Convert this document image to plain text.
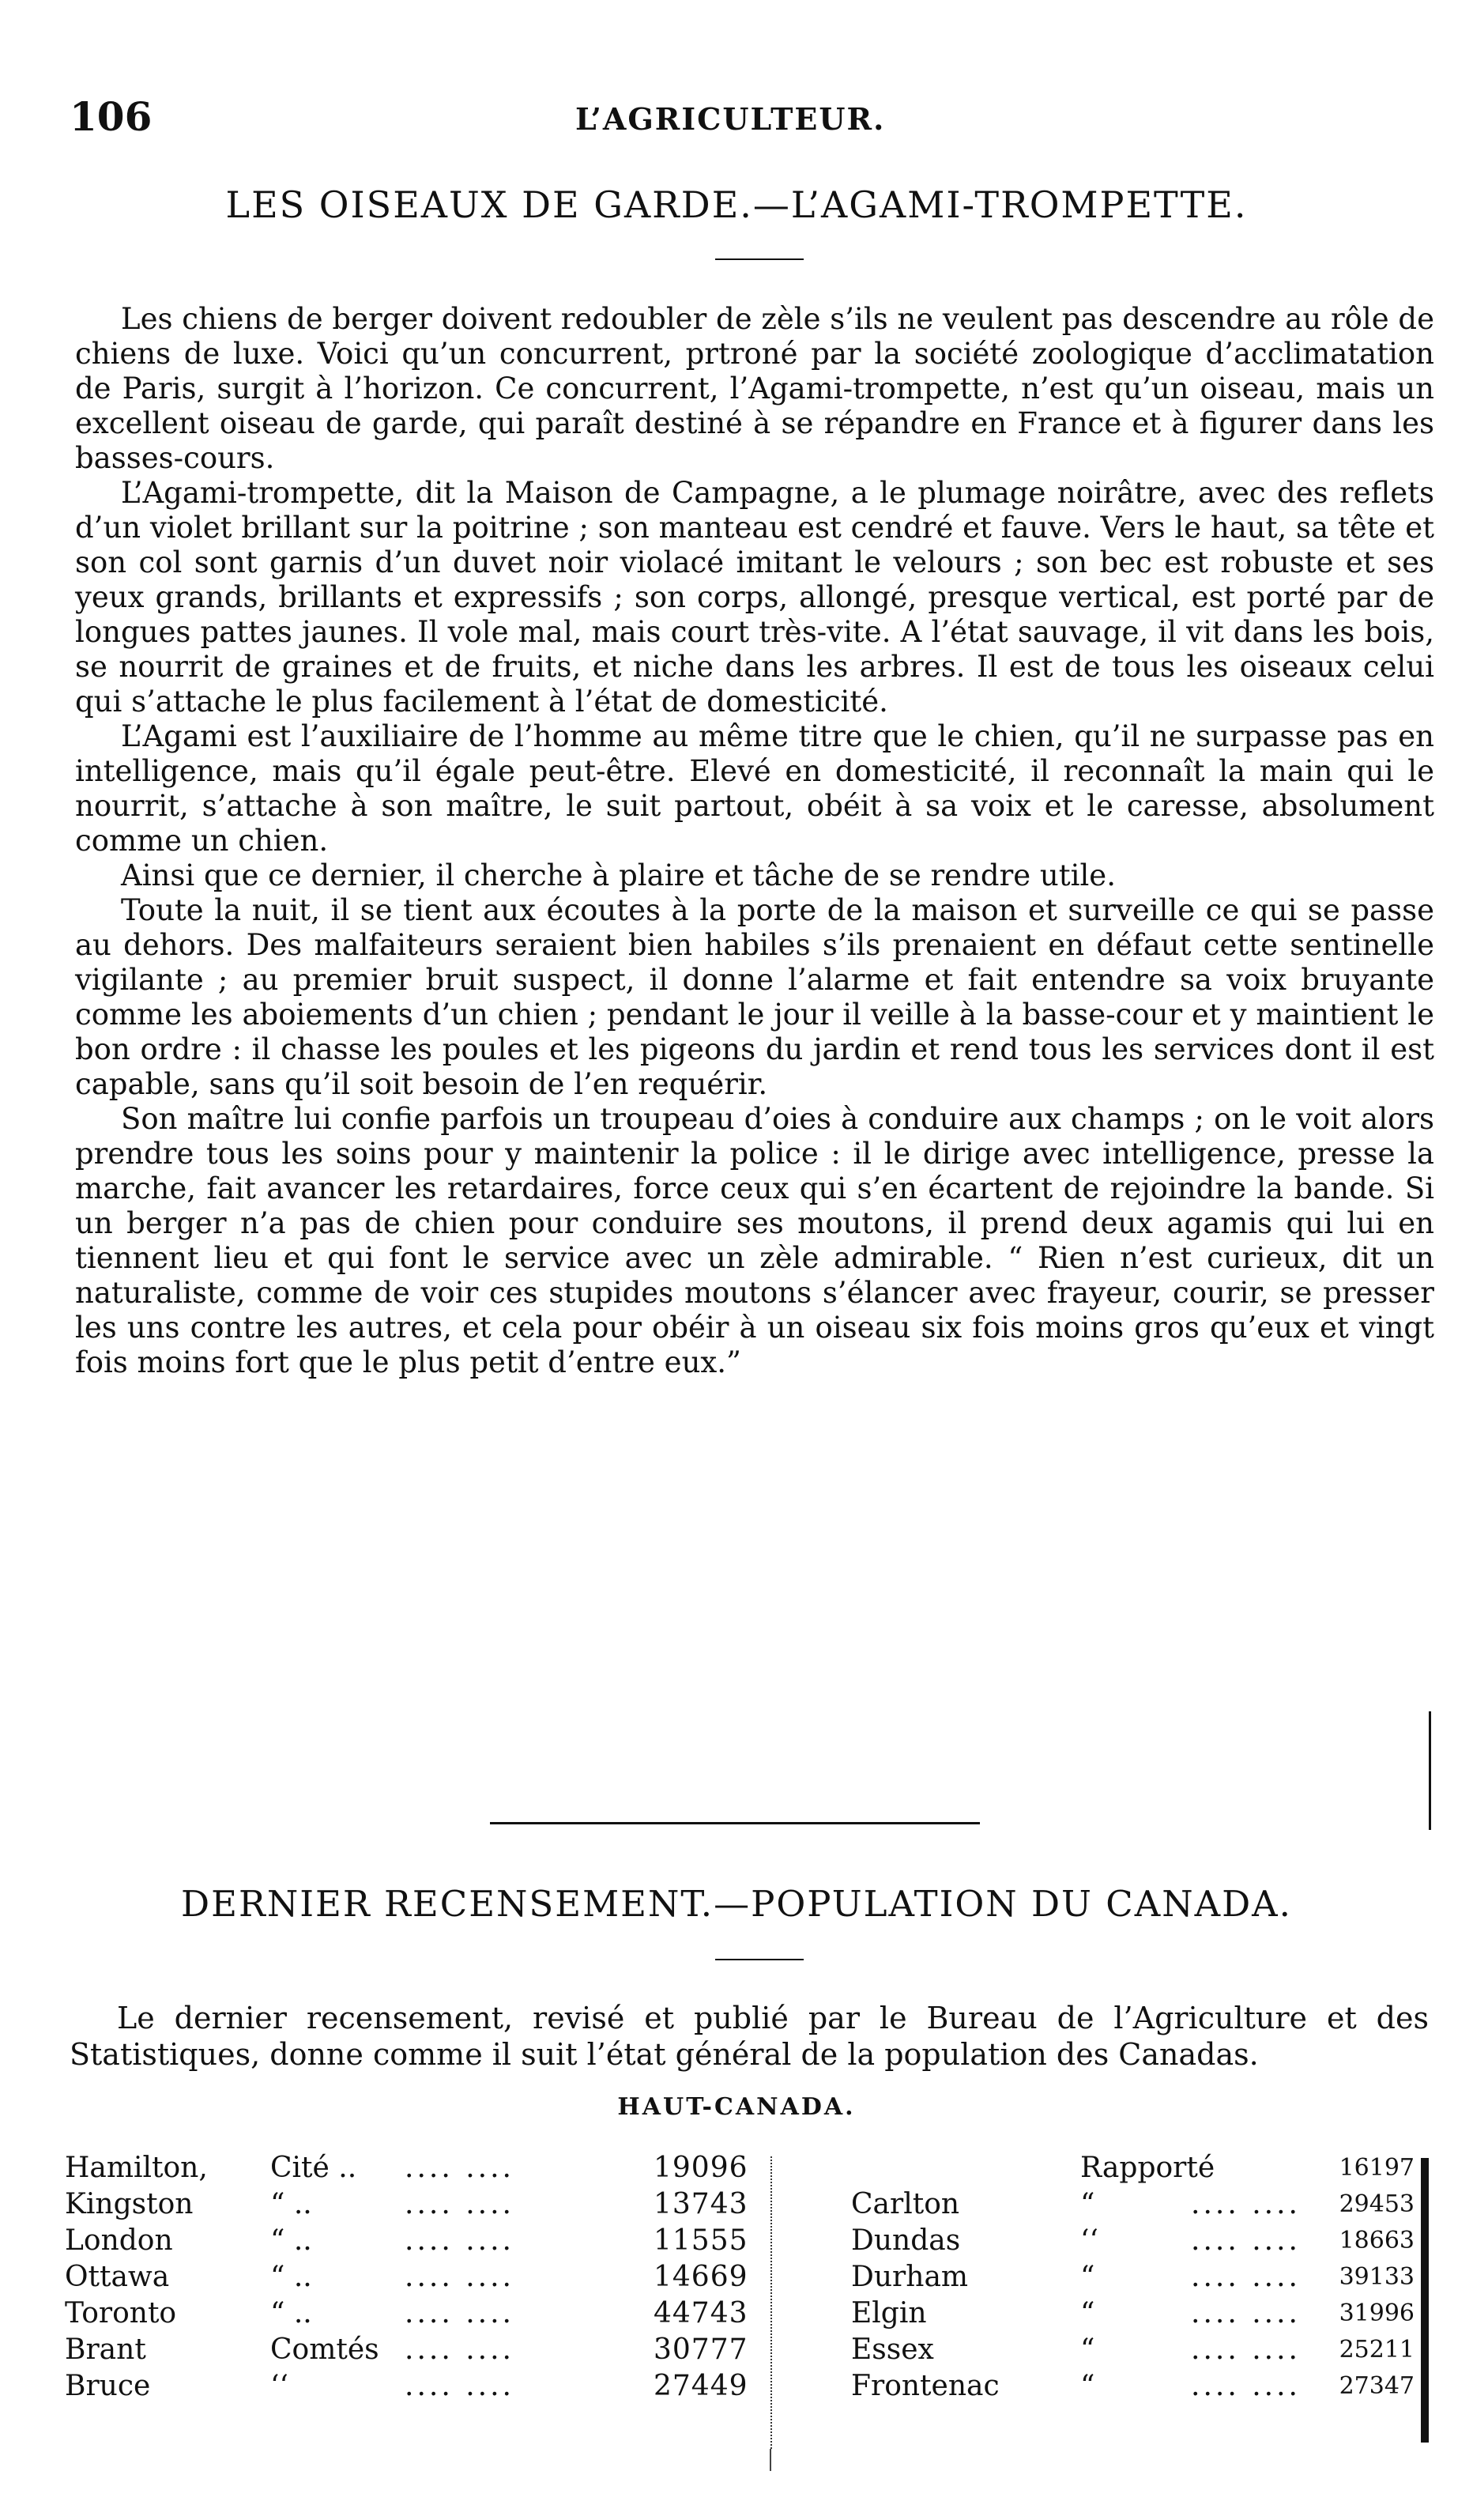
106	L’AGRICULTEUR.
LES OISEAUX DE GARDE.—L’AGAMI-TROMPETTE.

Les chiens de berger doivent redoubler de zèle s’ils ne veulent pas descendre au rôle de chiens de luxe. Voici qu’un concurrent, prtroné par la société zoologique d’acclimatation de Paris, surgit à l’horizon. Ce concurrent, l’Agami-trompette, n’est qu’un oiseau, mais un excellent oiseau de garde, qui paraît destiné à se répandre en France et à figurer dans les basses-cours.

L’Agami-trompette, dit la Maison de Campagne, a le plumage noirâtre, avec des reflets d’un violet brillant sur la poitrine ; son manteau est cendré et fauve. Vers le haut, sa tête et son col sont garnis d’un duvet noir violacé imitant le velours ; son bec est robuste et ses yeux grands, brillants et expressifs ; son corps, allongé, presque vertical, est porté par de longues pattes jaunes. Il vole mal, mais court très-vite. A l’état sauvage, il vit dans les bois, se nourrit de graines et de fruits, et niche dans les arbres. Il est de tous les oiseaux celui qui s’attache le plus facilement à l’état de domesticité.

L’Agami est l’auxiliaire de l’homme au même titre que le chien, qu’il ne surpasse pas en intelligence, mais qu’il égale peut-être. Elevé en domesticité, il reconnaît la main qui le nourrit, s’attache à son maître, le suit partout, obéit à sa voix et le caresse, absolument comme un chien.

Ainsi que ce dernier, il cherche à plaire et tâche de se rendre utile.

Toute la nuit, il se tient aux écoutes à la porte de la maison et surveille ce qui se passe au dehors. Des malfaiteurs seraient bien habiles s’ils prenaient en défaut cette sentinelle vigilante ; au premier bruit suspect, il donne l’alarme et fait entendre sa voix bruyante comme les aboiements d’un chien ; pendant le jour il veille à la basse-cour et y maintient le bon ordre : il chasse les poules et les pigeons du jardin et rend tous les services dont il est capable, sans qu’il soit besoin de l’en requérir.

Son maître lui confie parfois un troupeau d’oies à conduire aux champs ; on le voit alors prendre tous les soins pour y maintenir la police : il le dirige avec intelligence, presse la marche, fait avancer les retardaires, force ceux qui s’en écartent de rejoindre la bande. Si un berger n’a pas de chien pour conduire ses moutons, il prend deux agamis qui lui en tiennent lieu et qui font le service avec un zèle admirable. “ Rien n’est curieux, dit un naturaliste, comme de voir ces stupides moutons s’élancer avec frayeur, courir, se presser les uns contre les autres, et cela pour obéir à un oiseau six fois moins gros qu’eux et vingt fois moins fort que le plus petit d’entre eux.”

DERNIER RECENSEMENT.—POPULATION DU CANADA.

Le dernier recensement, revisé et publié par le Bureau de l’Agriculture et des Statistiques, donne comme il suit l’état général de la population des Canadas.

HAUT-CANADA.
Hamilton, Cité .. .... ....	19096
Kingston	“ ..	.... ....	13743
London	“ ..	.... ....	11555
Ottawa	“ ..	.... ....	14669
Toronto	“ ..	.... ....	44743
Brant	Comtés .... ....	30777
Bruce	‘‘	.... ....	27449
Rapporté	16197
Carlton	“	.... .... 29453
Dundas	‘‘	.... .... 18663
Durham	“	.... .... 39133
Elgin	“	.... .... 31996
Essex	“	.... .... 25211
Frontenac	“	.... .... 27347
